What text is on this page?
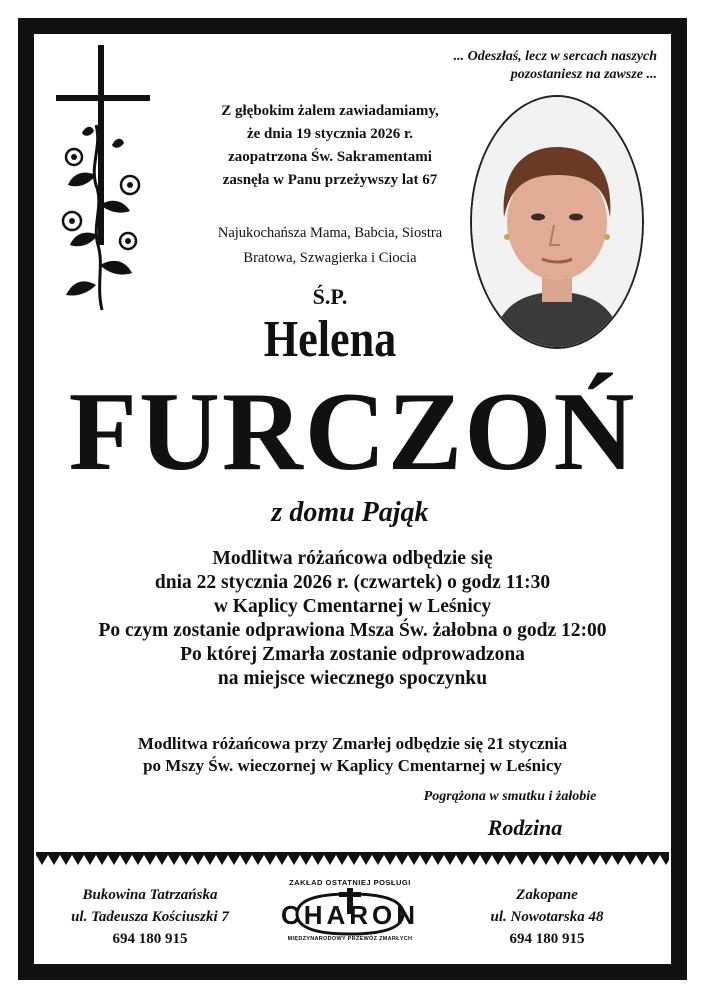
... Odeszłaś, lecz w sercach naszych
pozostaniesz na zawsze ...
Z głębokim żalem zawiadamiamy,
że dnia 19 stycznia 2026 r.
zaopatrzona Św. Sakramentami
zasnęła w Panu przeżywszy lat 67
Najukochańsza Mama, Babcia, Siostra
Bratowa, Szwagierka i Ciocia
Ś.P.
Helena
FURCZOŃ
z domu Pająk
Modlitwa różańcowa odbędzie się
dnia 22 stycznia 2026 r. (czwartek) o godz 11:30
w Kaplicy Cmentarnej w Leśnicy
Po czym zostanie odprawiona Msza Św. żałobna o godz 12:00
Po której Zmarła zostanie odprowadzona
na miejsce wiecznego spoczynku
Modlitwa różańcowa przy Zmarłej odbędzie się 21 stycznia
po Mszy Św. wieczornej w Kaplicy Cmentarnej w Leśnicy
Pogrążona w smutku i żałobie
Rodzina
Bukowina Tatrzańska
ul. Tadeusza Kościuszki 7
694 180 915
ZAKŁAD OSTATNIEJ POSŁUGI
CHARON
MIĘDZYNARODOWY PRZEWÓZ ZMARŁYCH
Zakopane
ul. Nowotarska 48
694 180 915
